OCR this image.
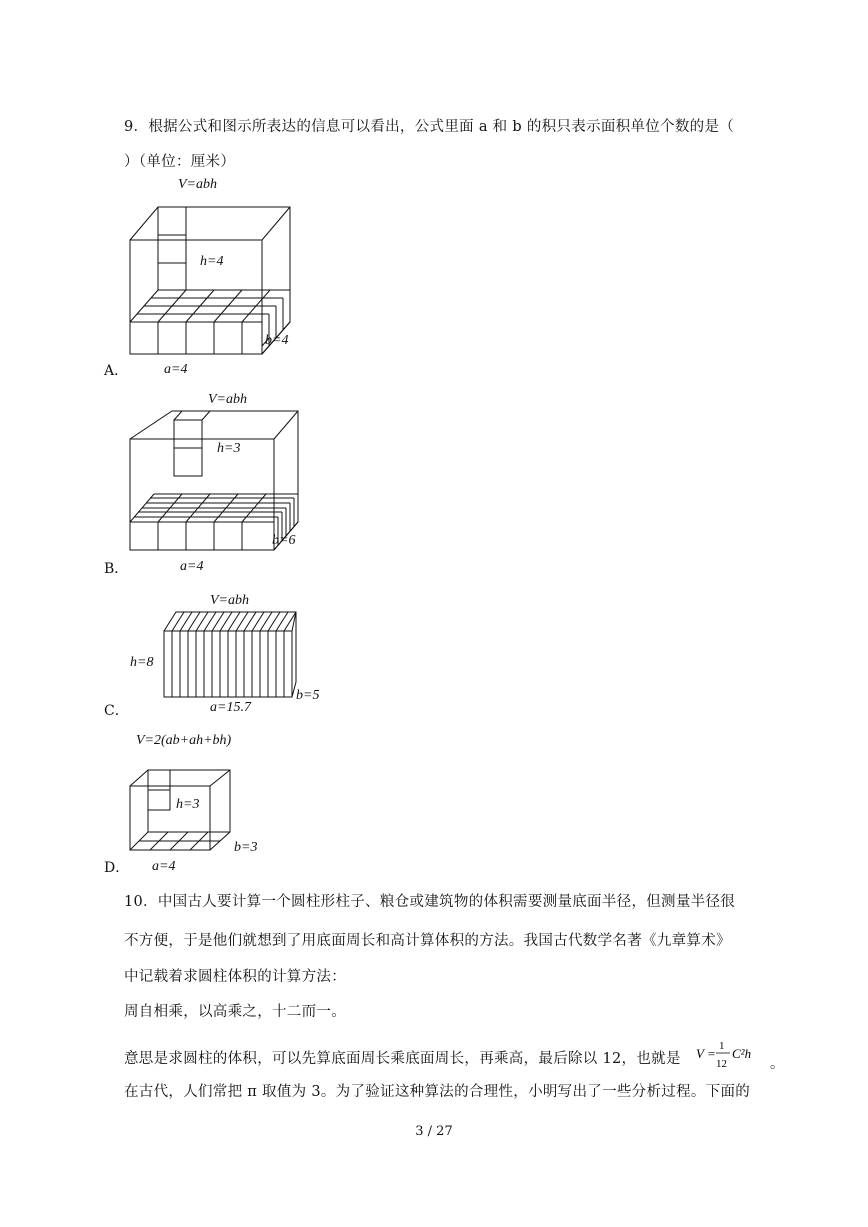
9．根据公式和图示所表达的信息可以看出，公式里面 a 和 b 的积只表示面积单位个数的是（
）（单位：厘米）
A．
V=abh
h=4
b=4
a=4
B．
V=abh
h=3
b=6
a=4
C．
V=abh
h=8
b=5
a=15.7
D．
V=2(ab+ah+bh)
h=3
b=3
a=4
10．中国古人要计算一个圆柱形柱子、粮仓或建筑物的体积需要测量底面半径，但测量半径很
不方便，于是他们就想到了用底面周长和高计算体积的方法。我国古代数学名著《九章算术》
中记载着求圆柱体积的计算方法：
周自相乘，以高乘之，十二而一。
意思是求圆柱的体积，可以先算底面周长乘底面周长，再乘高，最后除以 12，也就是 V = 1
12
C²h
。
在古代，人们常把 π 取值为 3。为了验证这种算法的合理性，小明写出了一些分析过程。下面的
3 / 27
